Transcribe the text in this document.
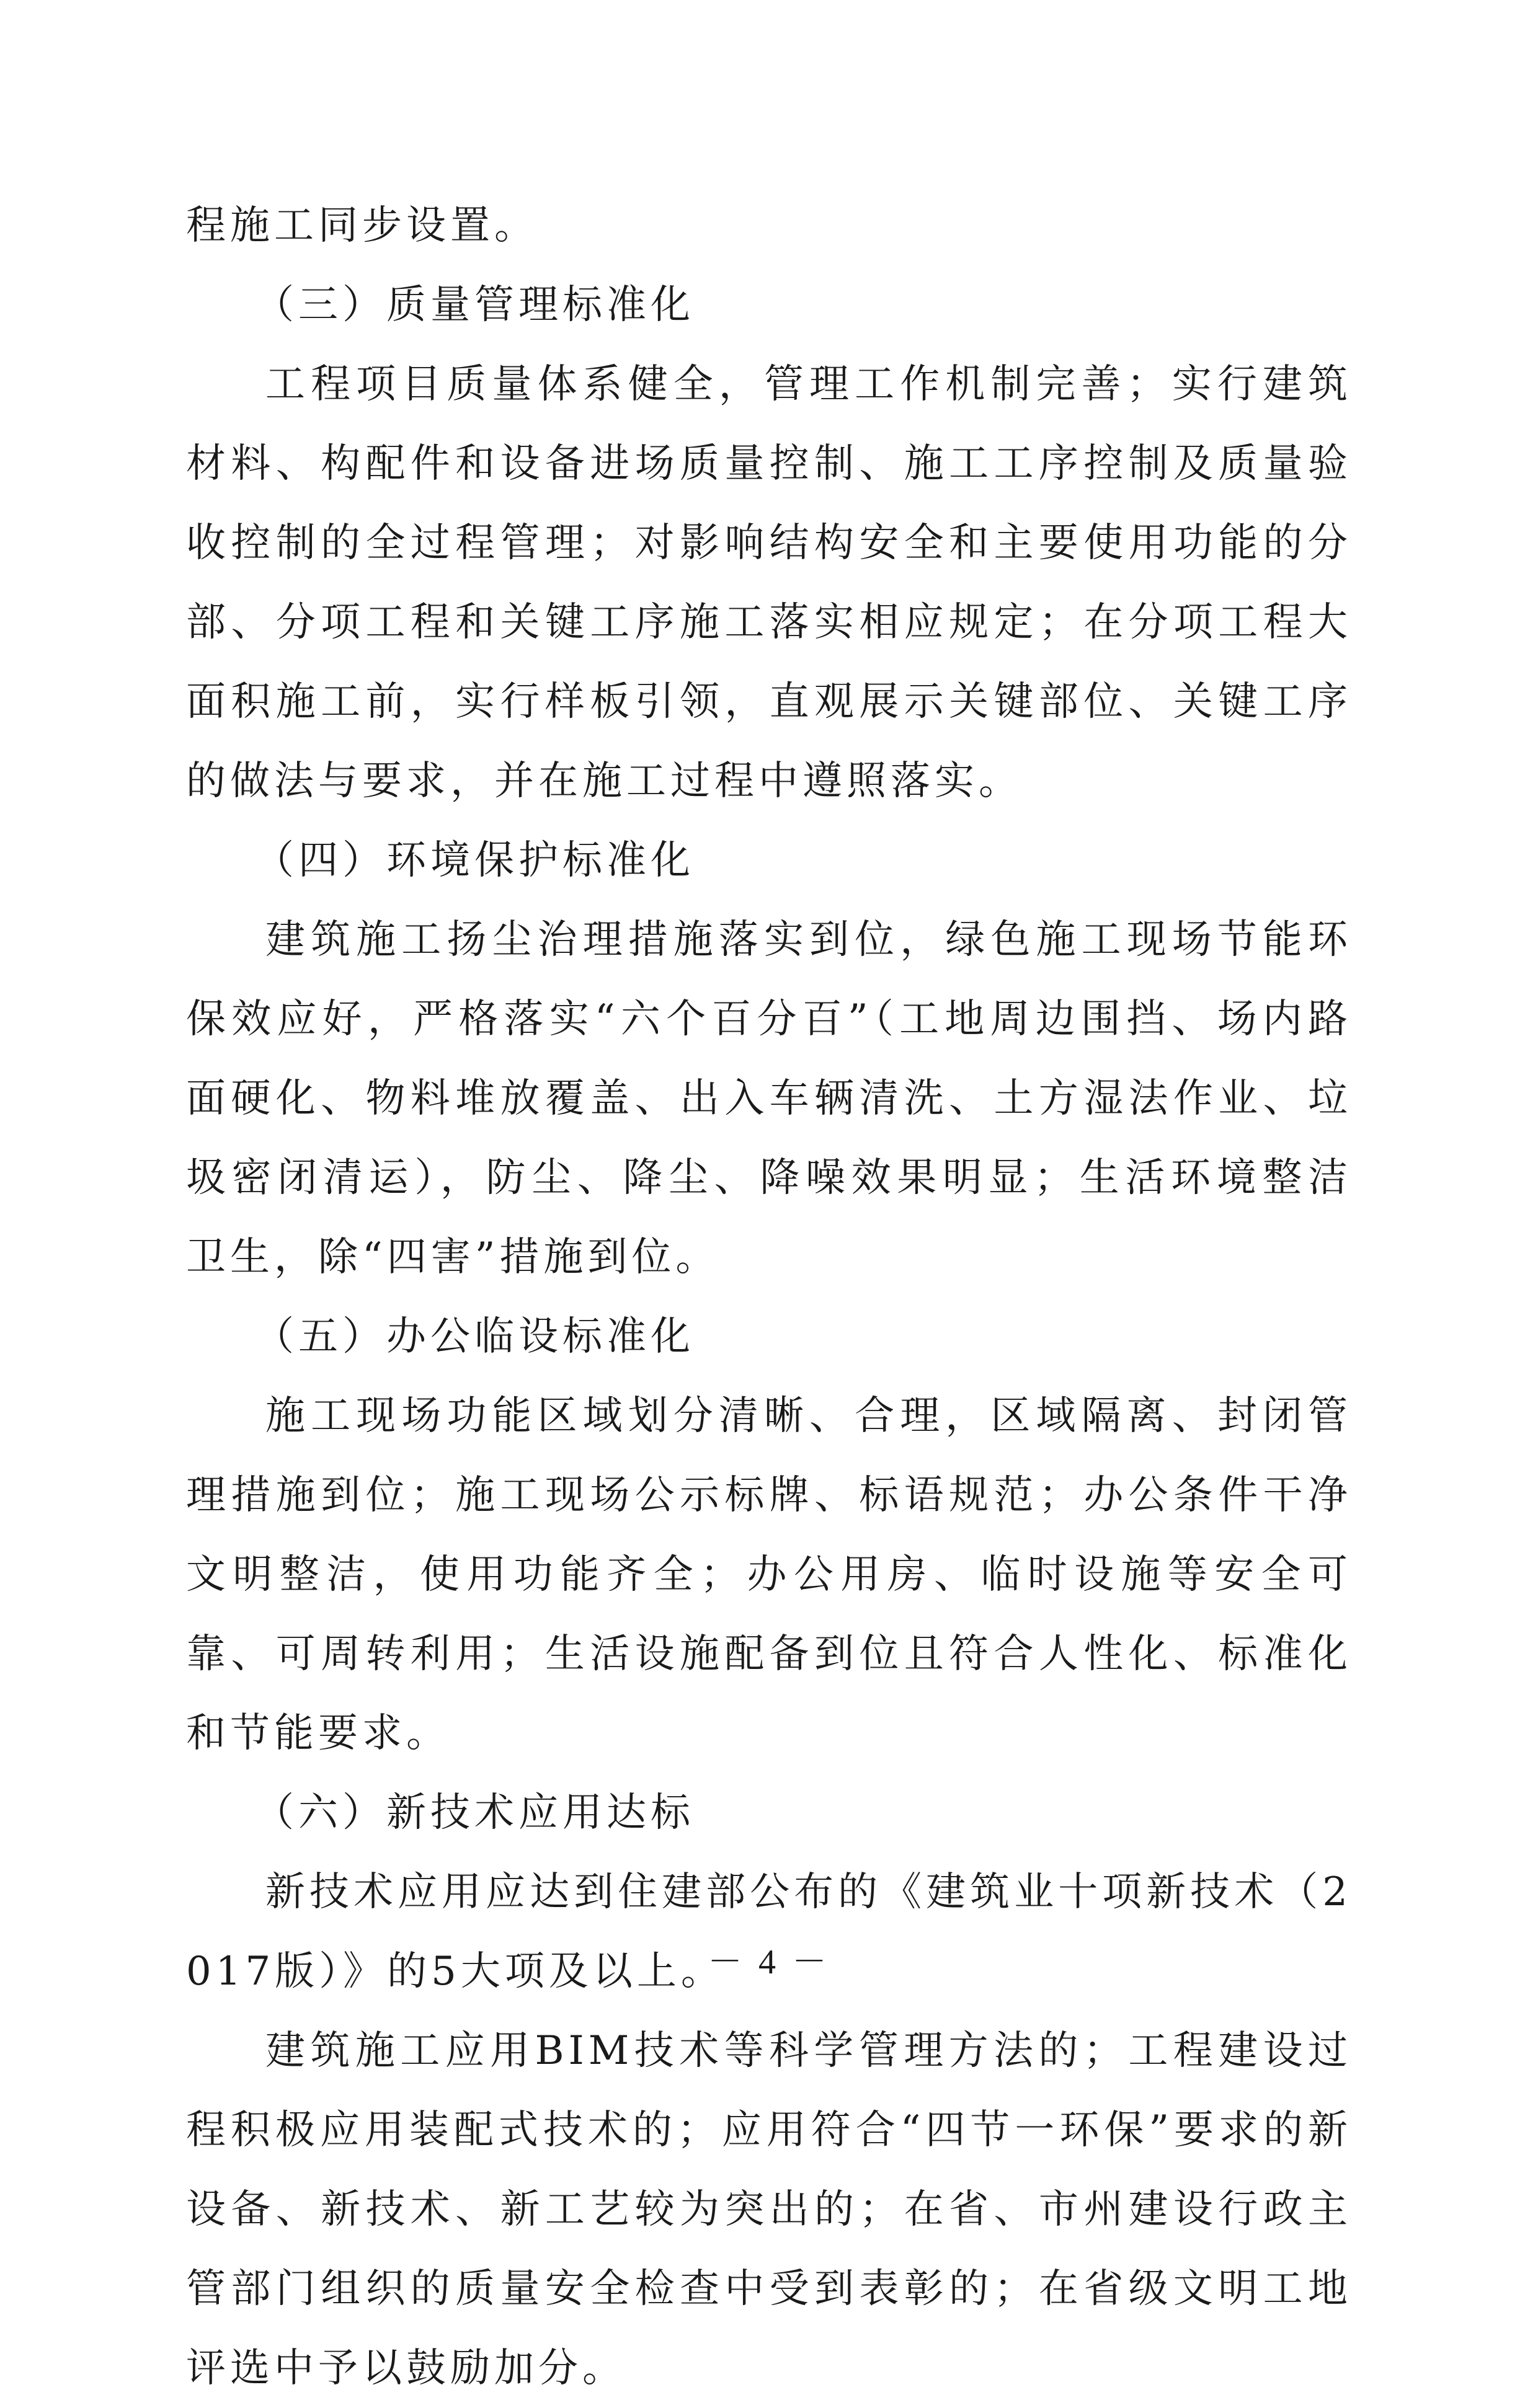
程施工同步设置。

（三）质量管理标准化

工程项目质量体系健全，管理工作机制完善；实行建筑材料、构配件和设备进场质量控制、施工工序控制及质量验收控制的全过程管理；对影响结构安全和主要使用功能的分部、分项工程和关键工序施工落实相应规定；在分项工程大面积施工前，实行样板引领，直观展示关键部位、关键工序的做法与要求，并在施工过程中遵照落实。

（四）环境保护标准化

建筑施工扬尘治理措施落实到位，绿色施工现场节能环保效应好，严格落实“六个百分百”（工地周边围挡、场内路面硬化、物料堆放覆盖、出入车辆清洗、土方湿法作业、垃圾密闭清运），防尘、降尘、降噪效果明显；生活环境整洁卫生，除“四害”措施到位。

（五）办公临设标准化

施工现场功能区域划分清晰、合理，区域隔离、封闭管理措施到位；施工现场公示标牌、标语规范；办公条件干净文明整洁，使用功能齐全；办公用房、临时设施等安全可靠、可周转利用；生活设施配备到位且符合人性化、标准化和节能要求。

（六）新技术应用达标

新技术应用应达到住建部公布的《建筑业十项新技术（2017版）》的5大项及以上。

建筑施工应用BIM技术等科学管理方法的；工程建设过程积极应用装配式技术的；应用符合“四节一环保”要求的新设备、新技术、新工艺较为突出的；在省、市州建设行政主管部门组织的质量安全检查中受到表彰的；在省级文明工地评选中予以鼓励加分。

－ 4 －
